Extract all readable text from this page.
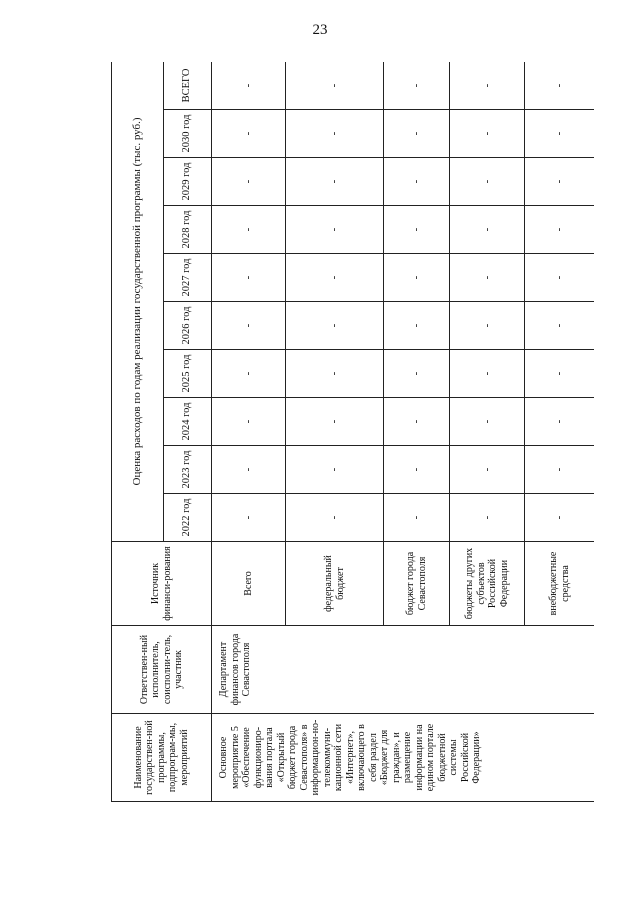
23
Наименование государствен-ной программы, подпрограм-мы, мероприятий	Ответствен-ный исполнитель, соисполни-тель, участник	Источник финанси-рования	Оценка расходов по годам реализации государственной программы (тыс. руб.)									
			2022 год	2023 год	2024 год	2025 год	2026 год	2027 год	2028 год	2029 год	2030 год	ВСЕГО
Основное мероприятие 5 «Обеспечение функциониро-вания портала «Открытый бюджет города Севастополя» в информацион-но-телекоммуни-кационной сети «Интернет», включающего в себя раздел «Бюджет для граждан», и размещение информации на едином портале бюджетной системы Российской Федерации»	Департамент финансов города Севастополя	Всего	-	-	-	-	-	-	-	-	-	-
		федеральный бюджет	-	-	-	-	-	-	-	-	-	-
		бюджет города Севастополя	-	-	-	-	-	-	-	-	-	-
		бюджеты других субъектов Российской Федерации	-	-	-	-	-	-	-	-	-	-
		внебюджетные средства	-	-	-	-	-	-	-	-	-	-
